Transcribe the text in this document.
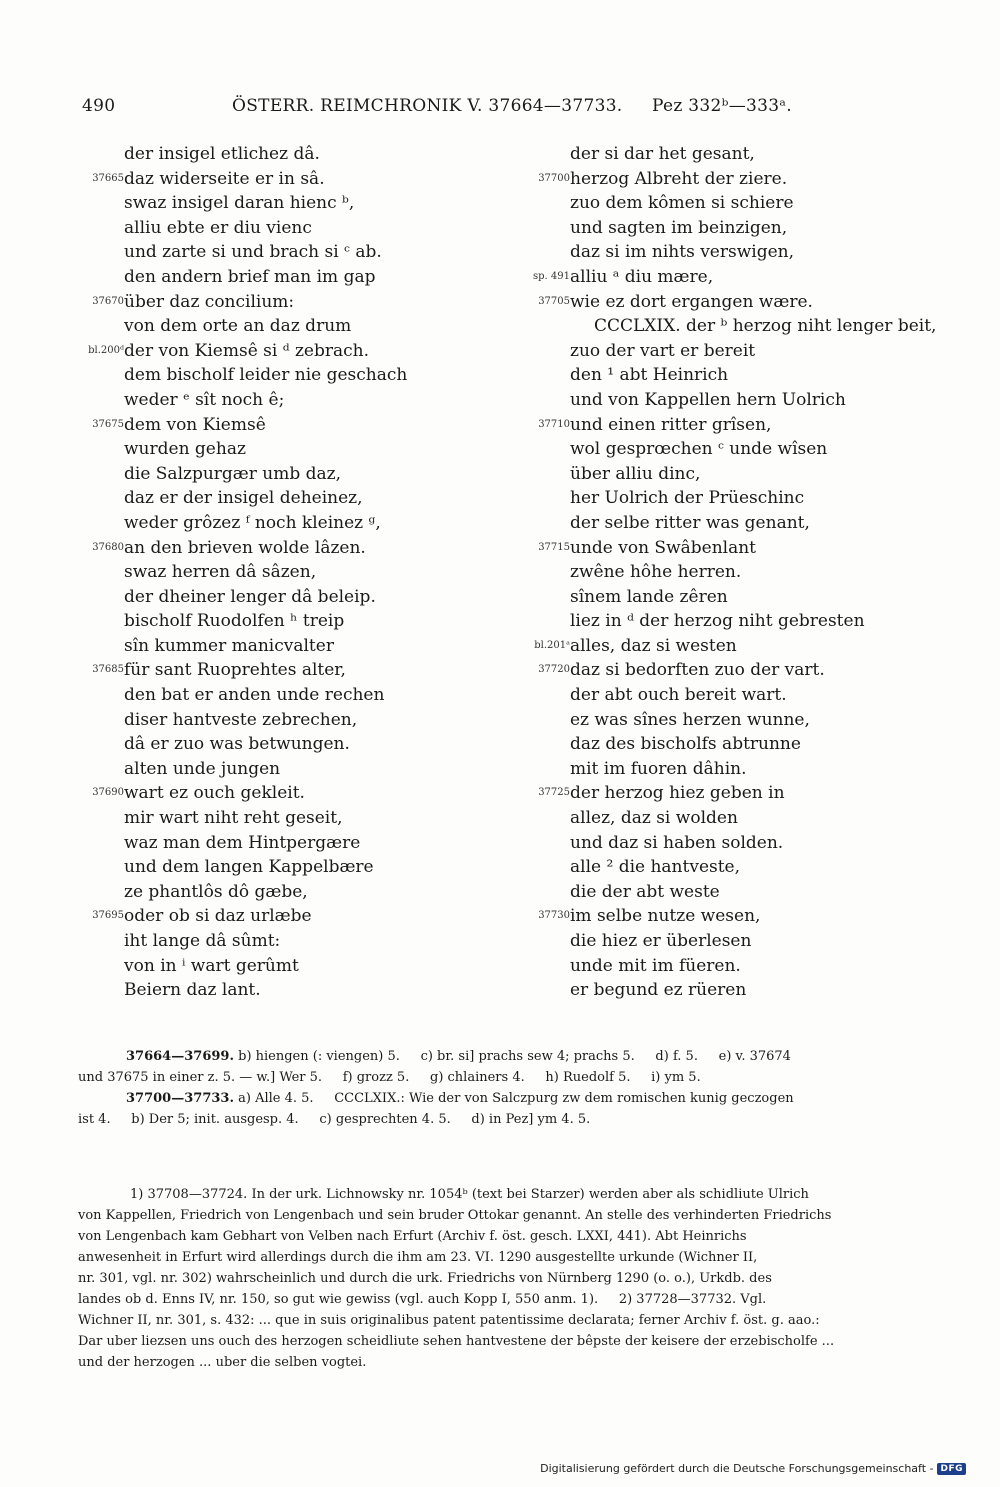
490	ÖSTERR. REIMCHRONIK V. 37664—37733. Pez 332ᵇ—333ᵃ.
der insigel etlichez dâ.
37665 daz widerseite er in sâ.
swaz insigel daran hienc ᵇ,
alliu ebte er diu vienc
und zarte si und brach si ᶜ ab.
den andern brief man im gap
37670 über daz concilium:
von dem orte an daz drum
bl.200ᵈ der von Kiemsê si ᵈ zebrach.
dem bischolf leider nie geschach
weder ᵉ sît noch ê;
37675 dem von Kiemsê
wurden gehaz
die Salzpurgær umb daz,
daz er der insigel deheinez,
weder grôzez ᶠ noch kleinez ᵍ,
37680 an den brieven wolde lâzen.
swaz herren dâ sâzen,
der dheiner lenger dâ beleip.
bischolf Ruodolfen ʰ treip
sîn kummer manicvalter
37685 für sant Ruoprehtes alter,
den bat er anden unde rechen
diser hantveste zebrechen,
dâ er zuo was betwungen.
alten unde jungen
37690 wart ez ouch gekleit.
mir wart niht reht geseit,
waz man dem Hintpergære
und dem langen Kappelbære
ze phantlôs dô gæbe,
37695 oder ob si daz urlæbe
iht lange dâ sûmt:
von in ⁱ wart gerûmt
Beiern daz lant.
der si dar het gesant,
37700 herzog Albreht der ziere.
zuo dem kômen si schiere
und sagten im beinzigen,
daz si im nihts verswigen,
sp. 491 alliu ᵃ diu mære,
37705 wie ez dort ergangen wære.
CCCLXIX. der ᵇ herzog niht lenger beit,
zuo der vart er bereit
den ¹ abt Heinrich
und von Kappellen hern Uolrich
37710 und einen ritter grîsen,
wol gesprœchen ᶜ unde wîsen
über alliu dinc,
her Uolrich der Prüeschinc
der selbe ritter was genant,
37715 unde von Swâbenlant
zwêne hôhe herren.
sînem lande zêren
liez in ᵈ der herzog niht gebresten
bl.201ᵃ alles, daz si westen
37720 daz si bedorften zuo der vart.
der abt ouch bereit wart.
ez was sînes herzen wunne,
daz des bischolfs abtrunne
mit im fuoren dâhin.
37725 der herzog hiez geben in
allez, daz si wolden
und daz si haben solden.
alle ² die hantveste,
die der abt weste
37730 im selbe nutze wesen,
die hiez er überlesen
unde mit im füeren.
er begund ez rüeren
37664—37699. b) hiengen (: viengen) 5.     c) br. si] prachs sew 4; prachs 5.     d) f. 5.     e) v. 37674
und 37675 in einer z. 5. — w.] Wer 5.     f) grozz 5.     g) chlainers 4.     h) Ruedolf 5.     i) ym 5.
37700—37733. a) Alle 4. 5.     CCCLXIX.: Wie der von Salczpurg zw dem romischen kunig geczogen
ist 4.     b) Der 5; init. ausgesp. 4.     c) gesprechten 4. 5.     d) in Pez] ym 4. 5.
1) 37708—37724. In der urk. Lichnowsky nr. 1054ᵇ (text bei Starzer) werden aber als schidliute Ulrich
von Kappellen, Friedrich von Lengenbach und sein bruder Ottokar genannt. An stelle des verhinderten Friedrichs
von Lengenbach kam Gebhart von Velben nach Erfurt (Archiv f. öst. gesch. LXXI, 441). Abt Heinrichs
anwesenheit in Erfurt wird allerdings durch die ihm am 23. VI. 1290 ausgestellte urkunde (Wichner II,
nr. 301, vgl. nr. 302) wahrscheinlich und durch die urk. Friedrichs von Nürnberg 1290 (o. o.), Urkdb. des
landes ob d. Enns IV, nr. 150, so gut wie gewiss (vgl. auch Kopp I, 550 anm. 1).     2) 37728—37732. Vgl.
Wichner II, nr. 301, s. 432: ... que in suis originalibus patent patentissime declarata; ferner Archiv f. öst. g. aao.:
Dar uber liezsen uns ouch des herzogen scheidliute sehen hantvestene der bêpste der keisere der erzebischolfe ...
und der herzogen ... uber die selben vogtei.
Digitalisierung gefördert durch die Deutsche Forschungsgemeinschaft - DFG
